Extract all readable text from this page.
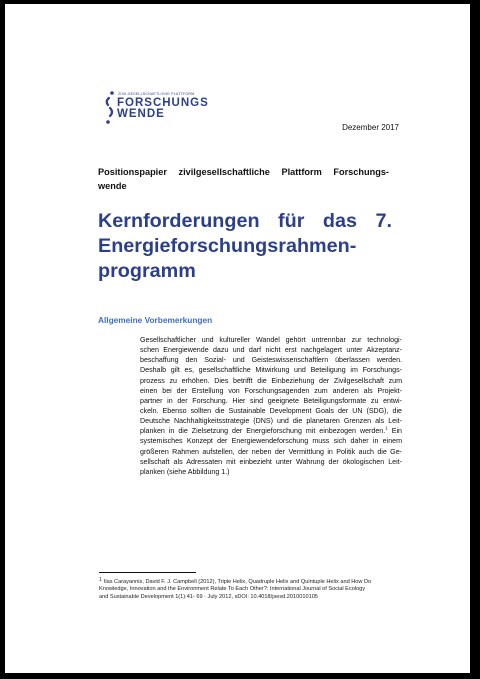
ZIVILGESELLSCHAFTLICHE PLATTFORM
FORSCHUNGS
WENDE
Dezember 2017
Positionspapier zivilgesellschaftliche Plattform Forschungs-
wende
Kernforderungen für das 7.
Energieforschungsrahmen-
programm
Allgemeine Vorbemerkungen
Gesellschaftlicher und kultureller Wandel gehört untrennbar zur technologi-
schen Energiewende dazu und darf nicht erst nachgelagert unter Akzeptanz-
beschaffung den Sozial- und Geisteswissenschaftlern überlassen werden.
Deshalb gilt es, gesellschaftliche Mitwirkung und Beteiligung im Forschungs-
prozess zu erhöhen. Dies betrifft die Einbeziehung der Zivilgesellschaft zum
einen bei der Erstellung von Forschungsagenden zum anderen als Projekt-
partner in der Forschung. Hier sind geeignete Beteiligungsformate zu entwi-
ckeln. Ebenso sollten die Sustainable Development Goals der UN (SDG), die
Deutsche Nachhaltigkeitsstrategie (DNS) und die planetaren Grenzen als Leit-
planken in die Zielsetzung der Energieforschung mit einbezogen werden.$^1$ Ein
systemisches Konzept der Energiewendeforschung muss sich daher in einem
größeren Rahmen aufstellen, der neben der Vermittlung in Politik auch die Ge-
sellschaft als Adressaten mit einbezieht unter Wahrung der ökologischen Leit-
planken (siehe Abbildung 1.)
$^1$ Ilas Carayannis, David F. J. Campbell (2012), Triple Helix, Quadruple Helix and Quintuple Helix and How Do
Knowledge, Innovation and the Environment Relate To Each Other?: International Journal of Social Ecology
and Sustainable Development 1(1):41- 69 · July 2012, sDOI: 10.4018/jsesd.2010010105
